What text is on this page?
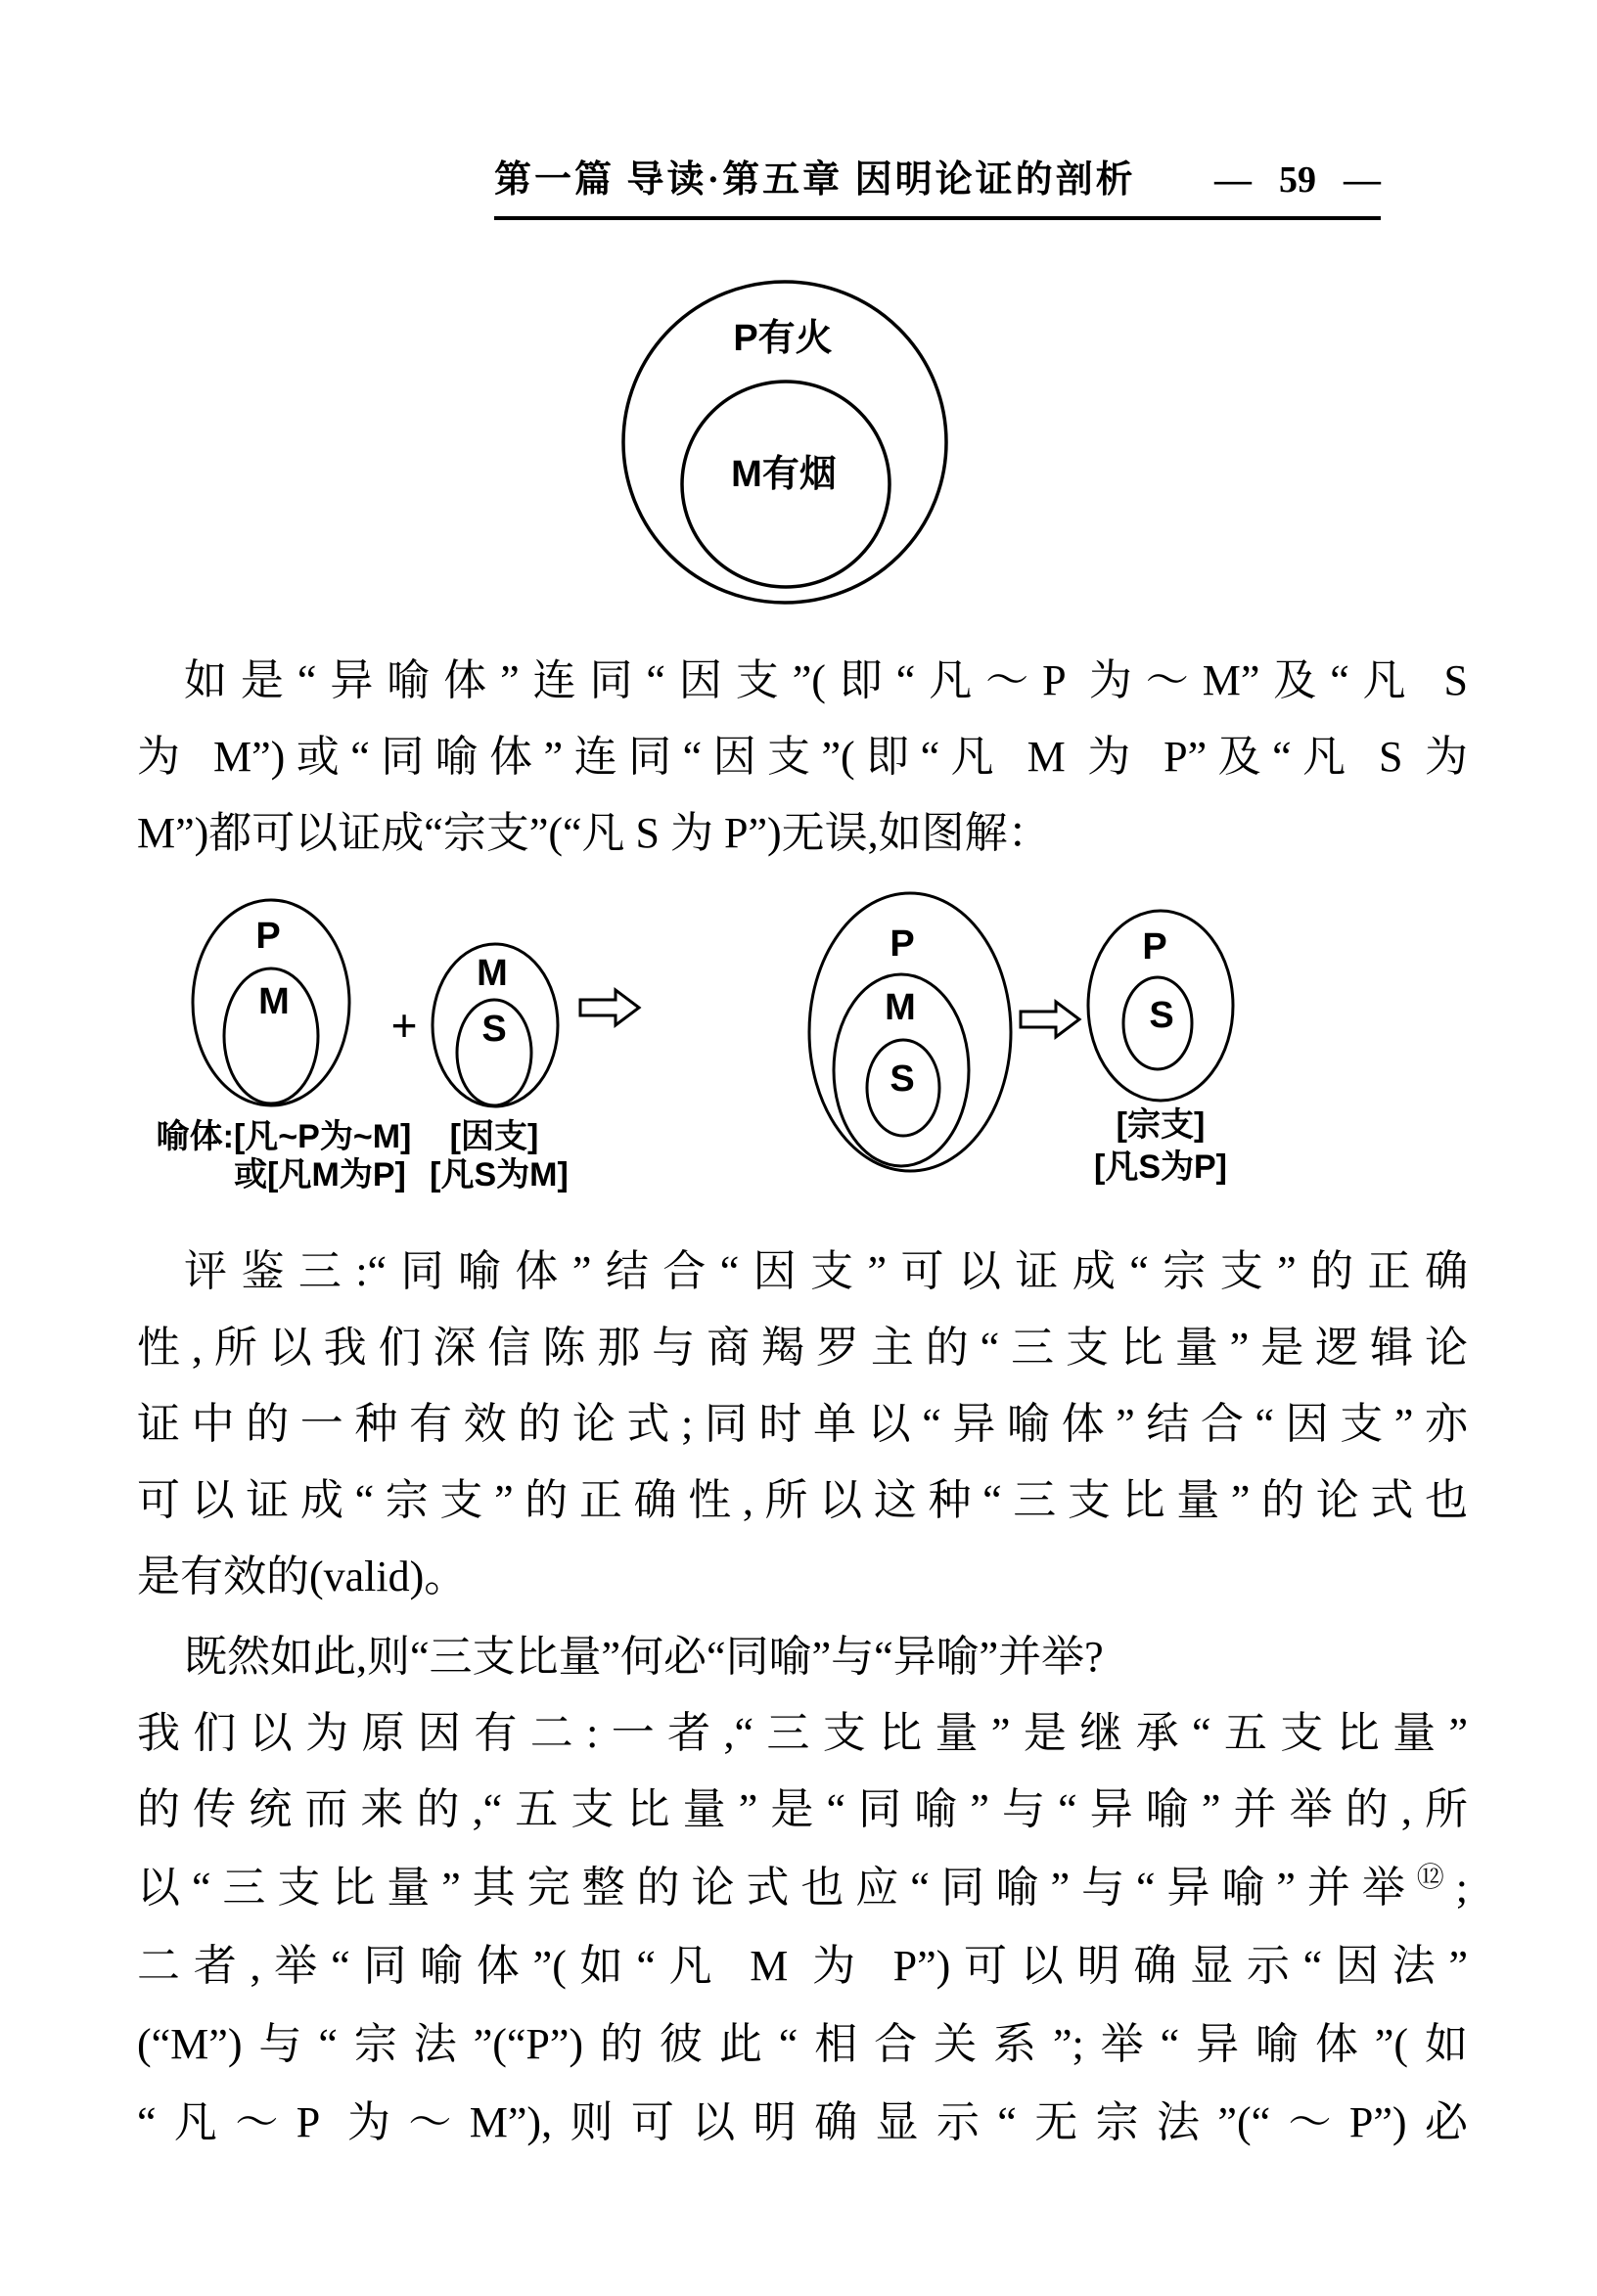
第一篇 导读·第五章 因明论证的剖析 — 59 —
P有火
M有烟
如是“异喻体”连同“因支”(即“凡～P 为～M”及“凡 S
为 M”)或“同喻体”连同“因支”(即“凡 M 为 P”及“凡 S 为
M”)都可以证成“宗支”(“凡 S 为 P”)无误,如图解：
P
M
喻体:[凡~P为~M]
或[凡M为P]
+
M
S
[因支]
[凡S为M]
P
M
S
P
S
[宗支]
[凡S为P]
评鉴三:“同喻体”结合“因支”可以证成“宗支”的正确
性,所以我们深信陈那与商羯罗主的“三支比量”是逻辑论
证中的一种有效的论式;同时单以“异喻体”结合“因支”亦
可以证成“宗支”的正确性,所以这种“三支比量”的论式也
是有效的(valid)。
既然如此,则“三支比量”何必“同喻”与“异喻”并举?
我们以为原因有二:一者,“三支比量”是继承“五支比量”
的传统而来的,“五支比量”是“同喻”与“异喻”并举的,所
以“三支比量”其完整的论式也应“同喻”与“异喻”并举⑫;
二者,举“同喻体”(如“凡 M 为 P”)可以明确显示“因法”
(“M”)与“宗法”(“P”)的彼此“相合关系”;举“异喻体”(如
“凡～P 为～M”),则可以明确显示“无宗法”(“～P”)必
